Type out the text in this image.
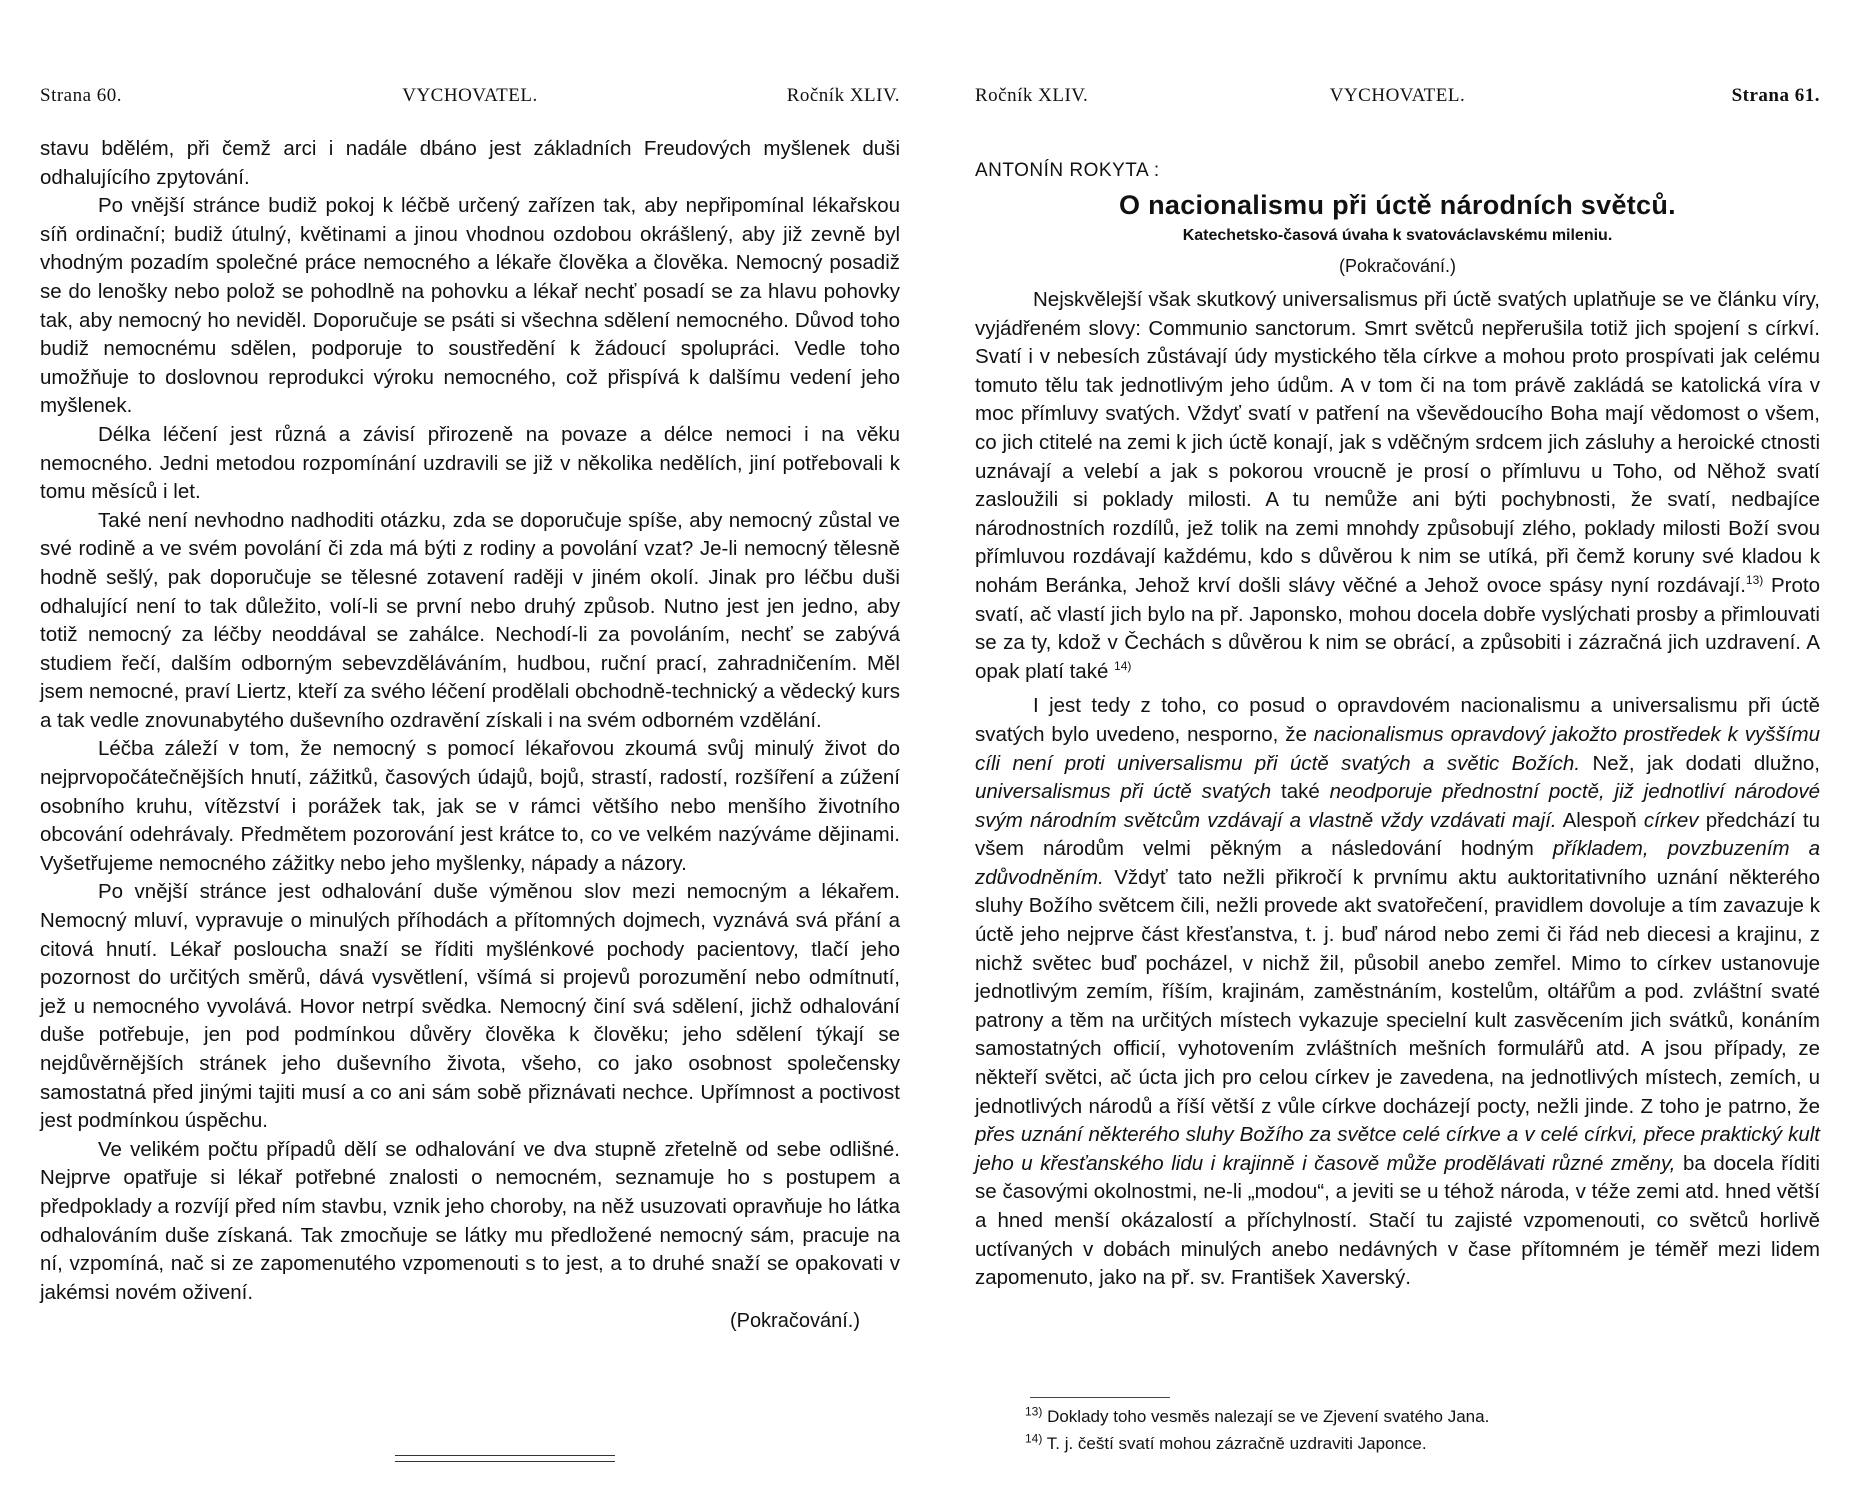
Strana 60.	VYCHOVATEL.	Ročník XLIV.

stavu bdělém, při čemž arci i nadále dbáno jest základních Freudových myšlenek duši odhalujícího zpytování.

Po vnější stránce budiž pokoj k léčbě určený zařízen tak, aby nepřipomínal lékařskou síň ordinační; budiž útulný, květinami a jinou vhodnou ozdobou okrášlený, aby již zevně byl vhodným pozadím společné práce nemocného a lékaře člověka a člověka. Nemocný posadiž se do lenošky nebo polož se pohodlně na pohovku a lékař nechť posadí se za hlavu pohovky tak, aby nemocný ho neviděl. Doporučuje se psáti si všechna sdělení nemocného. Důvod toho budiž nemocnému sdělen, podporuje to soustředění k žádoucí spolupráci. Vedle toho umožňuje to doslovnou reprodukci výroku nemocného, což přispívá k dalšímu vedení jeho myšlenek.

Délka léčení jest různá a závisí přirozeně na povaze a délce nemoci i na věku nemocného. Jedni metodou rozpomínání uzdravili se již v několika nedělích, jiní potřebovali k tomu měsíců i let.

Také není nevhodno nadhoditi otázku, zda se doporučuje spíše, aby nemocný zůstal ve své rodině a ve svém povolání či zda má býti z rodiny a povolání vzat? Je-li nemocný tělesně hodně sešlý, pak doporučuje se tělesné zotavení raději v jiném okolí. Jinak pro léčbu duši odhalující není to tak důležito, volí-li se první nebo druhý způsob. Nutno jest jen jedno, aby totiž nemocný za léčby neoddával se zahálce. Nechodí-li za povoláním, nechť se zabývá studiem řečí, dalším odborným sebevzděláváním, hudbou, ruční prací, zahradničením. Měl jsem nemocné, praví Liertz, kteří za svého léčení prodělali obchodně-technický a vědecký kurs a tak vedle znovunabytého duševního ozdravění získali i na svém odborném vzdělání.

Léčba záleží v tom, že nemocný s pomocí lékařovou zkoumá svůj minulý život do nejprvopočátečnějších hnutí, zážitků, časových údajů, bojů, strastí, radostí, rozšíření a zúžení osobního kruhu, vítězství i porážek tak, jak se v rámci většího nebo menšího životního obcování odehrávaly. Předmětem pozorování jest krátce to, co ve velkém nazýváme dějinami. Vyšetřujeme nemocného zážitky nebo jeho myšlenky, nápady a názory.

Po vnější stránce jest odhalování duše výměnou slov mezi nemocným a lékařem. Nemocný mluví, vypravuje o minulých příhodách a přítomných dojmech, vyznává svá přání a citová hnutí. Lékař posloucha snaží se říditi myšlénkové pochody pacientovy, tlačí jeho pozornost do určitých směrů, dává vysvětlení, všímá si projevů porozumění nebo odmítnutí, jež u nemocného vyvolává. Hovor netrpí svědka. Nemocný činí svá sdělení, jichž odhalování duše potřebuje, jen pod podmínkou důvěry člověka k člověku; jeho sdělení týkají se nejdůvěrnějších stránek jeho duševního života, všeho, co jako osobnost společensky samostatná před jinými tajiti musí a co ani sám sobě přiznávati nechce. Upřímnost a poctivost jest podmínkou úspěchu.

Ve velikém počtu případů dělí se odhalování ve dva stupně zřetelně od sebe odlišné. Nejprve opatřuje si lékař potřebné znalosti o nemocném, seznamuje ho s postupem a předpoklady a rozvíjí před ním stavbu, vznik jeho choroby, na něž usuzovati opravňuje ho látka odhalováním duše získaná. Tak zmocňuje se látky mu předložené nemocný sám, pracuje na ní, vzpomíná, nač si ze zapomenutého vzpomenouti s to jest, a to druhé snaží se opakovati v jakémsi novém oživení.

(Pokračování.)
Ročník XLIV.	VYCHOVATEL.	Strana 61.
ANTONÍN ROKYTA :
O nacionalismu při úctě národních světců.
Katechetsko-časová úvaha k svatováclavskému mileniu.
(Pokračování.)

Nejskvělejší však skutkový universalismus při úctě svatých uplatňuje se ve článku víry, vyjádřeném slovy: Communio sanctorum. Smrt světců nepřerušila totiž jich spojení s církví. Svatí i v nebesích zůstávají údy mystického těla církve a mohou proto prospívati jak celému tomuto tělu tak jednotlivým jeho údům. A v tom či na tom právě zakládá se katolická víra v moc přímluvy svatých. Vždyť svatí v patření na vševědoucího Boha mají vědomost o všem, co jich ctitelé na zemi k jich úctě konají, jak s vděčným srdcem jich zásluhy a heroické ctnosti uznávají a velebí a jak s pokorou vroucně je prosí o přímluvu u Toho, od Něhož svatí zasloužili si poklady milosti. A tu nemůže ani býti pochybnosti, že svatí, nedbajíce národnostních rozdílů, jež tolik na zemi mnohdy způsobují zlého, poklady milosti Boží svou přímluvou rozdávají každému, kdo s důvěrou k nim se utíká, při čemž koruny své kladou k nohám Beránka, Jehož krví došli slávy věčné a Jehož ovoce spásy nyní rozdávají.$^{13)}$ Proto svatí, ač vlastí jich bylo na př. Japonsko, mohou docela dobře vyslýchati prosby a přimlouvati se za ty, kdož v Čechách s důvěrou k nim se obrácí, a způsobiti i zázračná jich uzdravení. A opak platí také $^{14)}$

I jest tedy z toho, co posud o opravdovém nacionalismu a universalismu při úctě svatých bylo uvedeno, nesporno, že nacionalismus opravdový jakožto prostředek k vyššímu cíli není proti universalismu při úctě svatých a světic Božích. Než, jak dodati dlužno, universalismus při úctě svatých také neodporuje přednostní poctě, již jednotliví národové svým národním světcům vzdávají a vlastně vždy vzdávati mají. Alespoň církev předchází tu všem národům velmi pěkným a následování hodným příkladem, povzbuzením a zdůvodněním. Vždyť tato nežli přikročí k prvnímu aktu auktoritativního uznání některého sluhy Božího světcem čili, nežli provede akt svatořečení, pravidlem dovoluje a tím zavazuje k úctě jeho nejprve část křesťanstva, t. j. buď národ nebo zemi či řád neb diecesi a krajinu, z nichž světec buď pocházel, v nichž žil, působil anebo zemřel. Mimo to církev ustanovuje jednotlivým zemím, říším, krajinám, zaměstnáním, kostelům, oltářům a pod. zvláštní svaté patrony a těm na určitých místech vykazuje specielní kult zasvěcením jich svátků, konáním samostatných officií, vyhotovením zvláštních mešních formulářů atd. A jsou případy, ze někteří světci, ač úcta jich pro celou církev je zavedena, na jednotlivých místech, zemích, u jednotlivých národů a říší větší z vůle církve docházejí pocty, nežli jinde. Z toho je patrno, že přes uznání některého sluhy Božího za světce celé církve a v celé církvi, přece praktický kult jeho u křesťanského lidu i krajinně i časově může prodělávati různé změny, ba docela říditi se časovými okolnostmi, ne-li „modou“, a jeviti se u téhož národa, v téže zemi atd. hned větší a hned menší okázalostí a příchylností. Stačí tu zajisté vzpomenouti, co světců horlivě uctívaných v dobách minulých anebo nedávných v čase přítomném je téměř mezi lidem zapomenuto, jako na př. sv. František Xaverský.

$^{13)}$ Doklady toho vesměs nalezají se ve Zjevení svatého Jana.
$^{14)}$ T. j. čeští svatí mohou zázračně uzdraviti Japonce.
